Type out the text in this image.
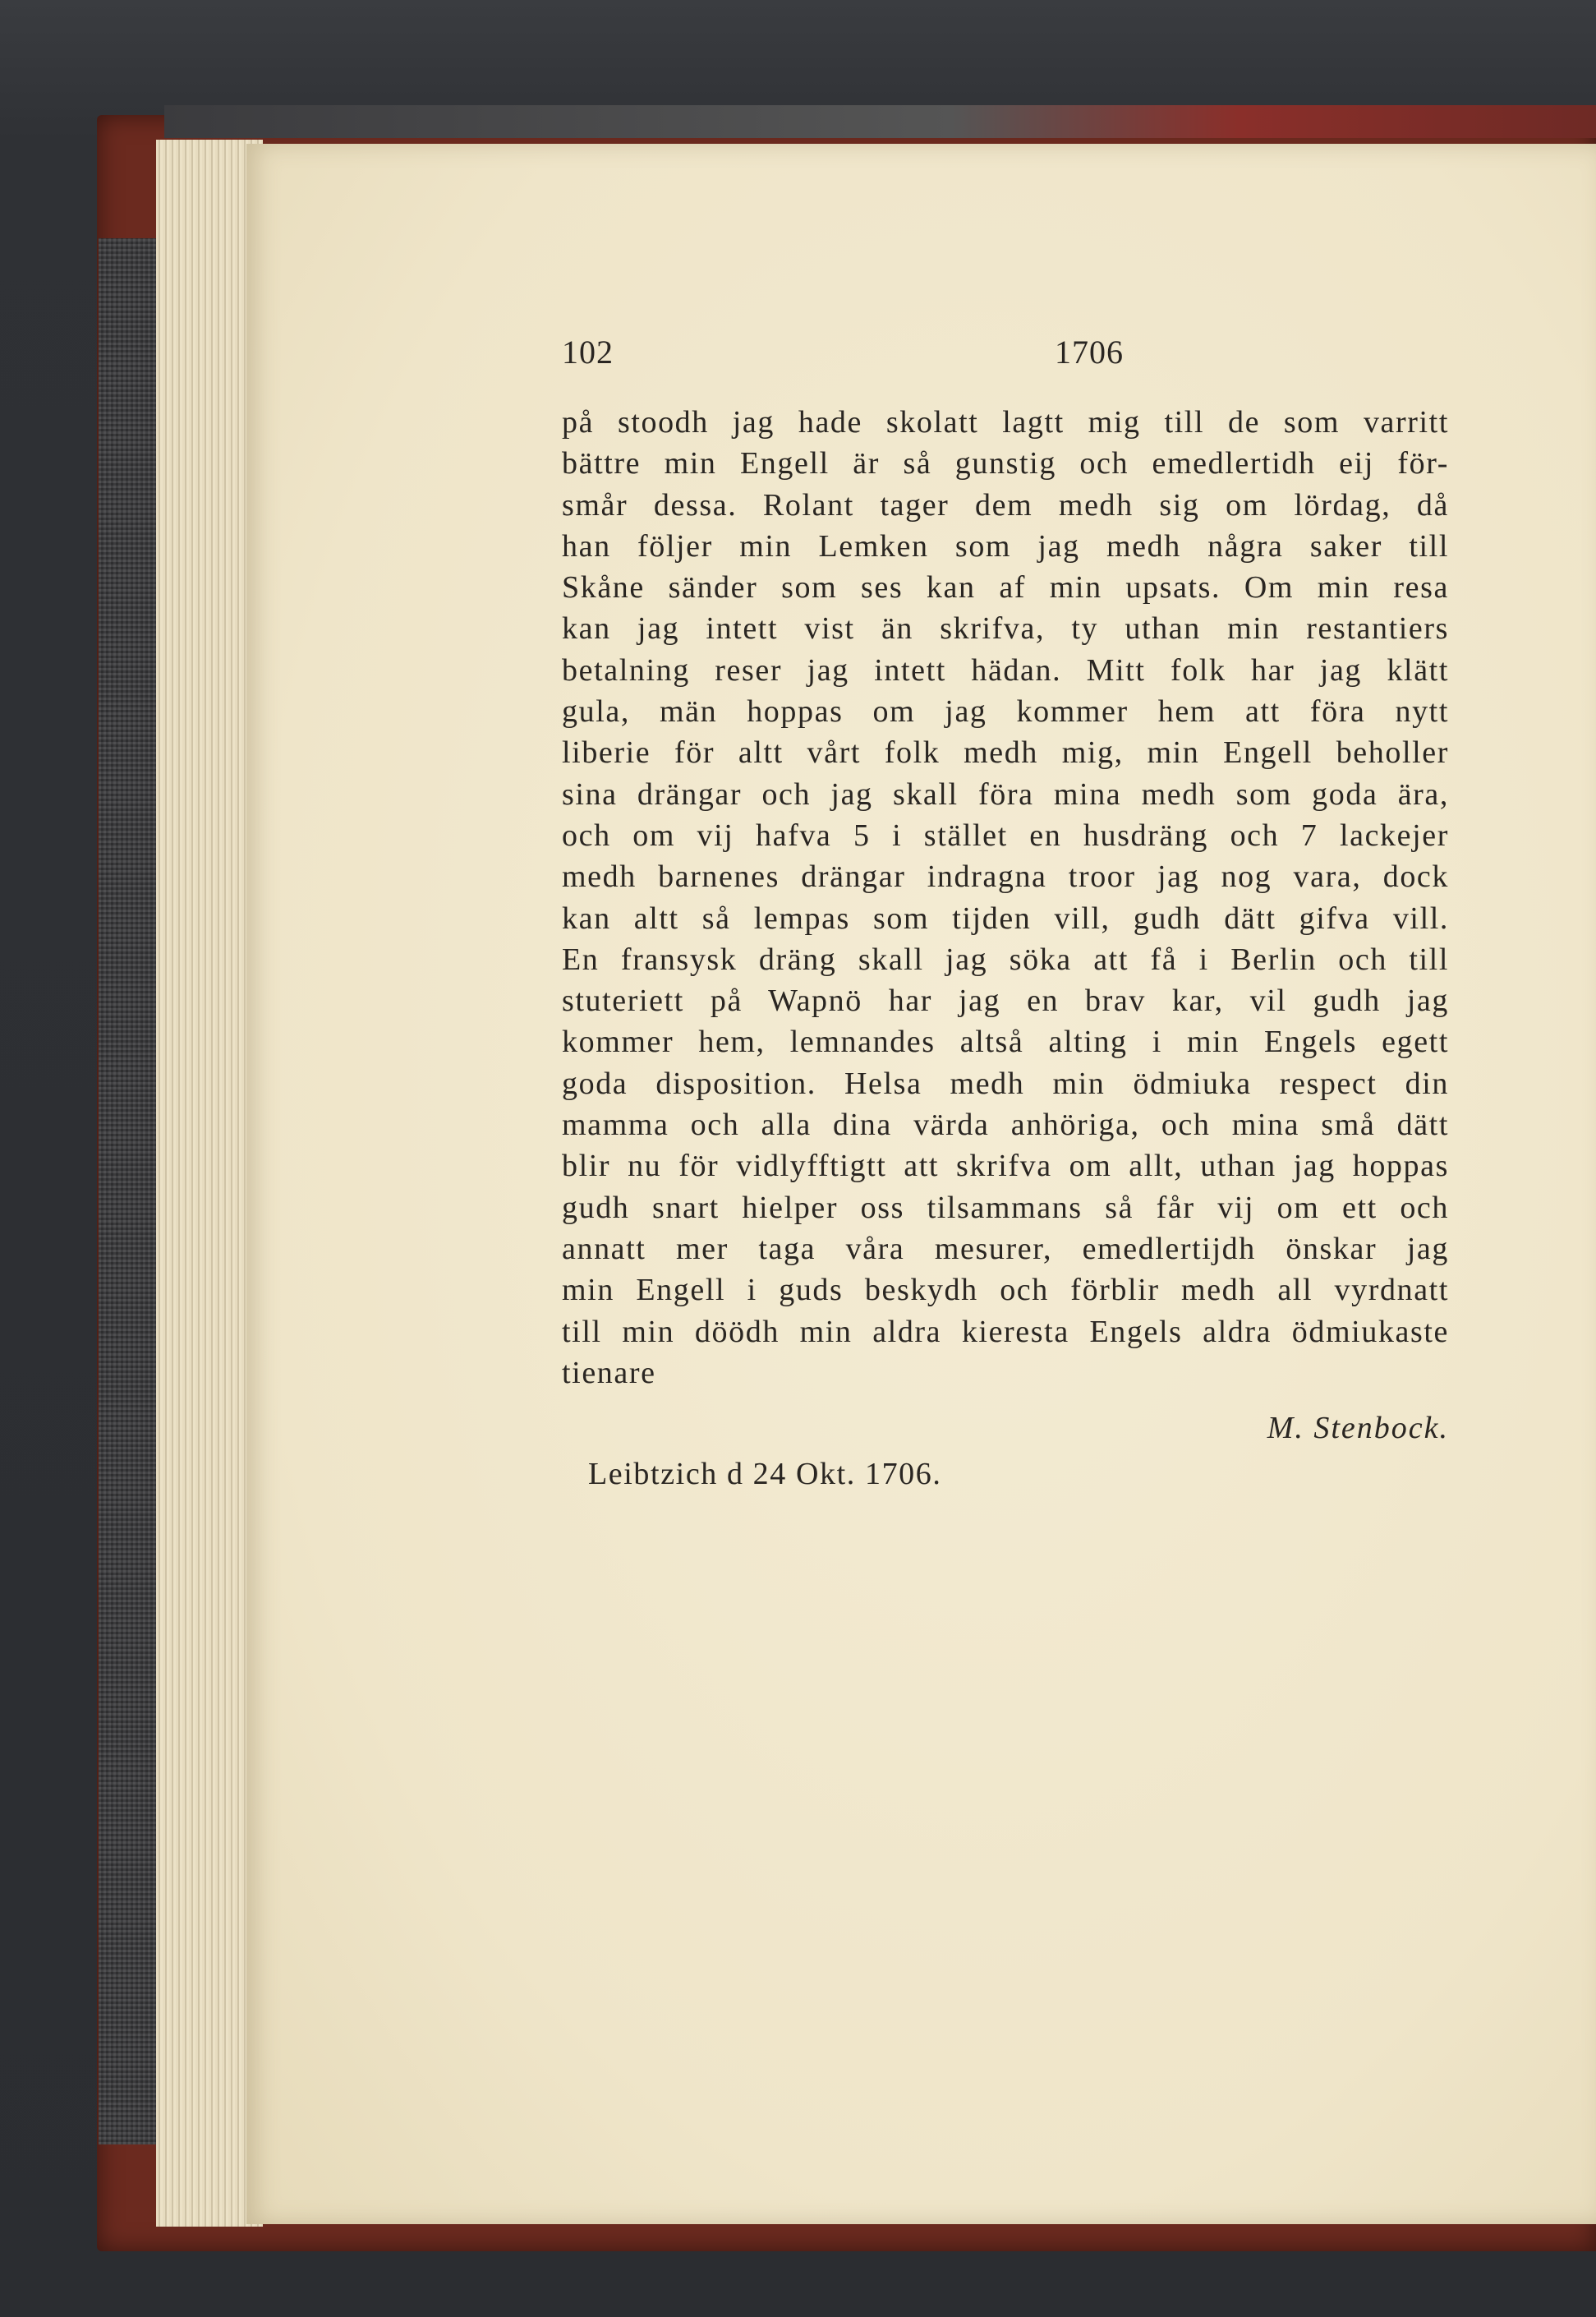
102	1706
på stoodh jag hade skolatt lagtt mig till de som varritt
bättre min Engell är så gunstig och emedlertidh eij för-
smår dessa. Rolant tager dem medh sig om lördag, då
han följer min Lemken som jag medh några saker till
Skåne sänder som ses kan af min upsats. Om min resa
kan jag intett vist än skrifva, ty uthan min restantiers
betalning reser jag intett hädan. Mitt folk har jag klätt
gula, män hoppas om jag kommer hem att föra nytt
liberie för altt vårt folk medh mig, min Engell beholler
sina drängar och jag skall föra mina medh som goda ära,
och om vij hafva 5 i stället en husdräng och 7 lackejer
medh barnenes drängar indragna troor jag nog vara, dock
kan altt så lempas som tijden vill, gudh dätt gifva vill.
En fransysk dräng skall jag söka att få i Berlin och till
stuteriett på Wapnö har jag en brav kar, vil gudh jag
kommer hem, lemnandes altså alting i min Engels egett
goda disposition. Helsa medh min ödmiuka respect din
mamma och alla dina värda anhöriga, och mina små dätt
blir nu för vidlyfftigtt att skrifva om allt, uthan jag hoppas
gudh snart hielper oss tilsammans så får vij om ett och
annatt mer taga våra mesurer, emedlertijdh önskar jag
min Engell i guds beskydh och förblir medh all vyrdnatt
till min döödh min aldra kieresta Engels aldra ödmiukaste
tienare
M. Stenbock.
Leibtzich d 24 Okt. 1706.
